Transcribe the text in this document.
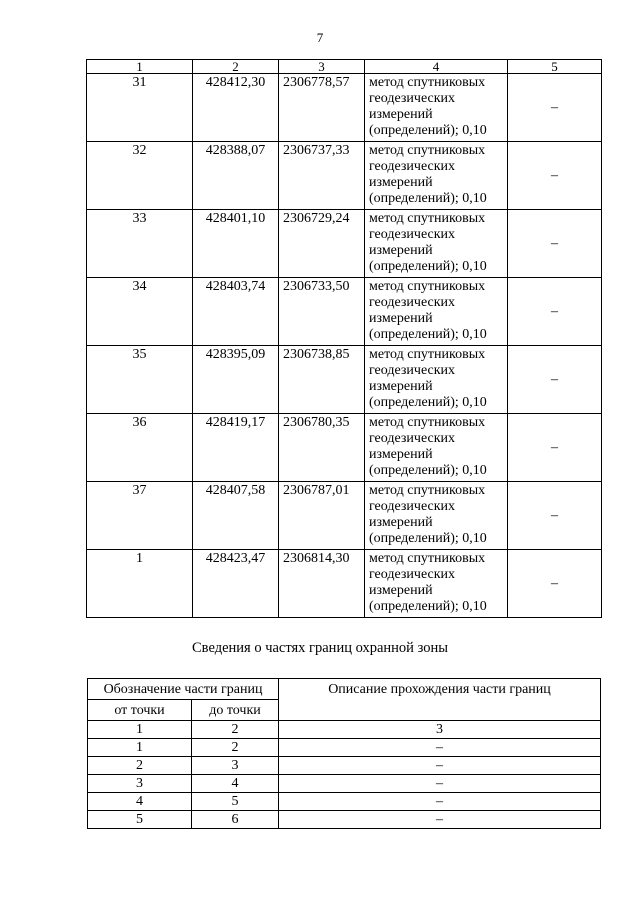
7
1	2	3	4	5
31	428412,30	2306778,57	метод спутниковых
геодезических
измерений
(определений); 0,10	–
32	428388,07	2306737,33	метод спутниковых
геодезических
измерений
(определений); 0,10	–
33	428401,10	2306729,24	метод спутниковых
геодезических
измерений
(определений); 0,10	–
34	428403,74	2306733,50	метод спутниковых
геодезических
измерений
(определений); 0,10	–
35	428395,09	2306738,85	метод спутниковых
геодезических
измерений
(определений); 0,10	–
36	428419,17	2306780,35	метод спутниковых
геодезических
измерений
(определений); 0,10	–
37	428407,58	2306787,01	метод спутниковых
геодезических
измерений
(определений); 0,10	–
1	428423,47	2306814,30	метод спутниковых
геодезических
измерений
(определений); 0,10	–
Сведения о частях границ охранной зоны
Обозначение части границ		Описание прохождения части границ
от точки	до точки	
1	2	3
1	2	–
2	3	–
3	4	–
4	5	–
5	6	–
